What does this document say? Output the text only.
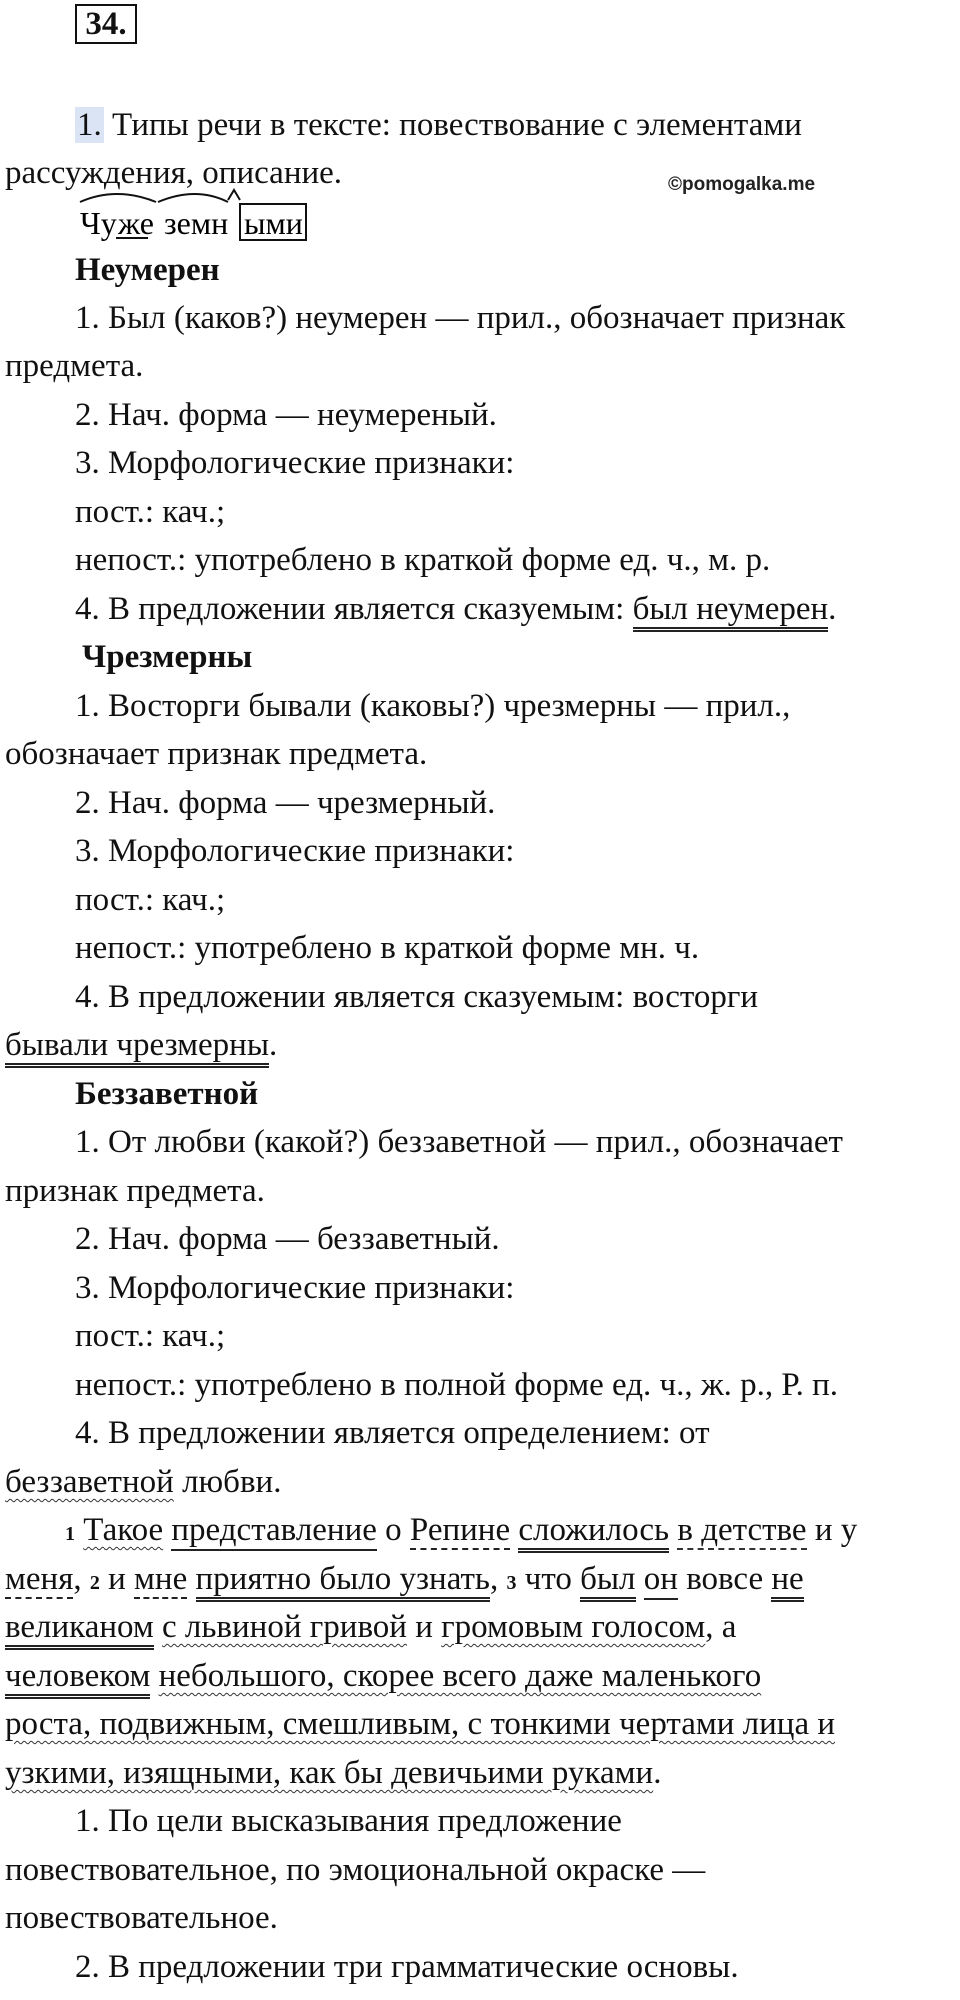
34.
1. Типы речи в тексте: повествование с элементами
рассуждения, описание.	©pomogalka.me
Чу же земн ыми
Неумерен
1. Был (каков?) неумерен — прил., обозначает признак
предмета.
2. Нач. форма — неумереный.
3. Морфологические признаки:
пост.: кач.;
непост.: употреблено в краткой форме ед. ч., м. р.
4. В предложении является сказуемым: был неумерен.
Чрезмерны
1. Восторги бывали (каковы?) чрезмерны — прил.,
обозначает признак предмета.
2. Нач. форма — чрезмерный.
3. Морфологические признаки:
пост.: кач.;
непост.: употреблено в краткой форме мн. ч.
4. В предложении является сказуемым: восторги
бывали чрезмерны.
Беззаветной
1. От любви (какой?) беззаветной — прил., обозначает
признак предмета.
2. Нач. форма — беззаветный.
3. Морфологические признаки:
пост.: кач.;
непост.: употреблено в полной форме ед. ч., ж. р., Р. п.
4. В предложении является определением: от
беззаветной любви.
1 Такое представление о Репине сложилось в детстве и у
меня, 2 и мне приятно было узнать, 3 что был он вовсе не
великаном с львиной гривой и громовым голосом, а
человеком небольшого, скорее всего даже маленького
роста, подвижным, смешливым, с тонкими чертами лица и
узкими, изящными, как бы девичьими руками.
1. По цели высказывания предложение
повествовательное, по эмоциональной окраске —
повествовательное.
2. В предложении три грамматические основы.
